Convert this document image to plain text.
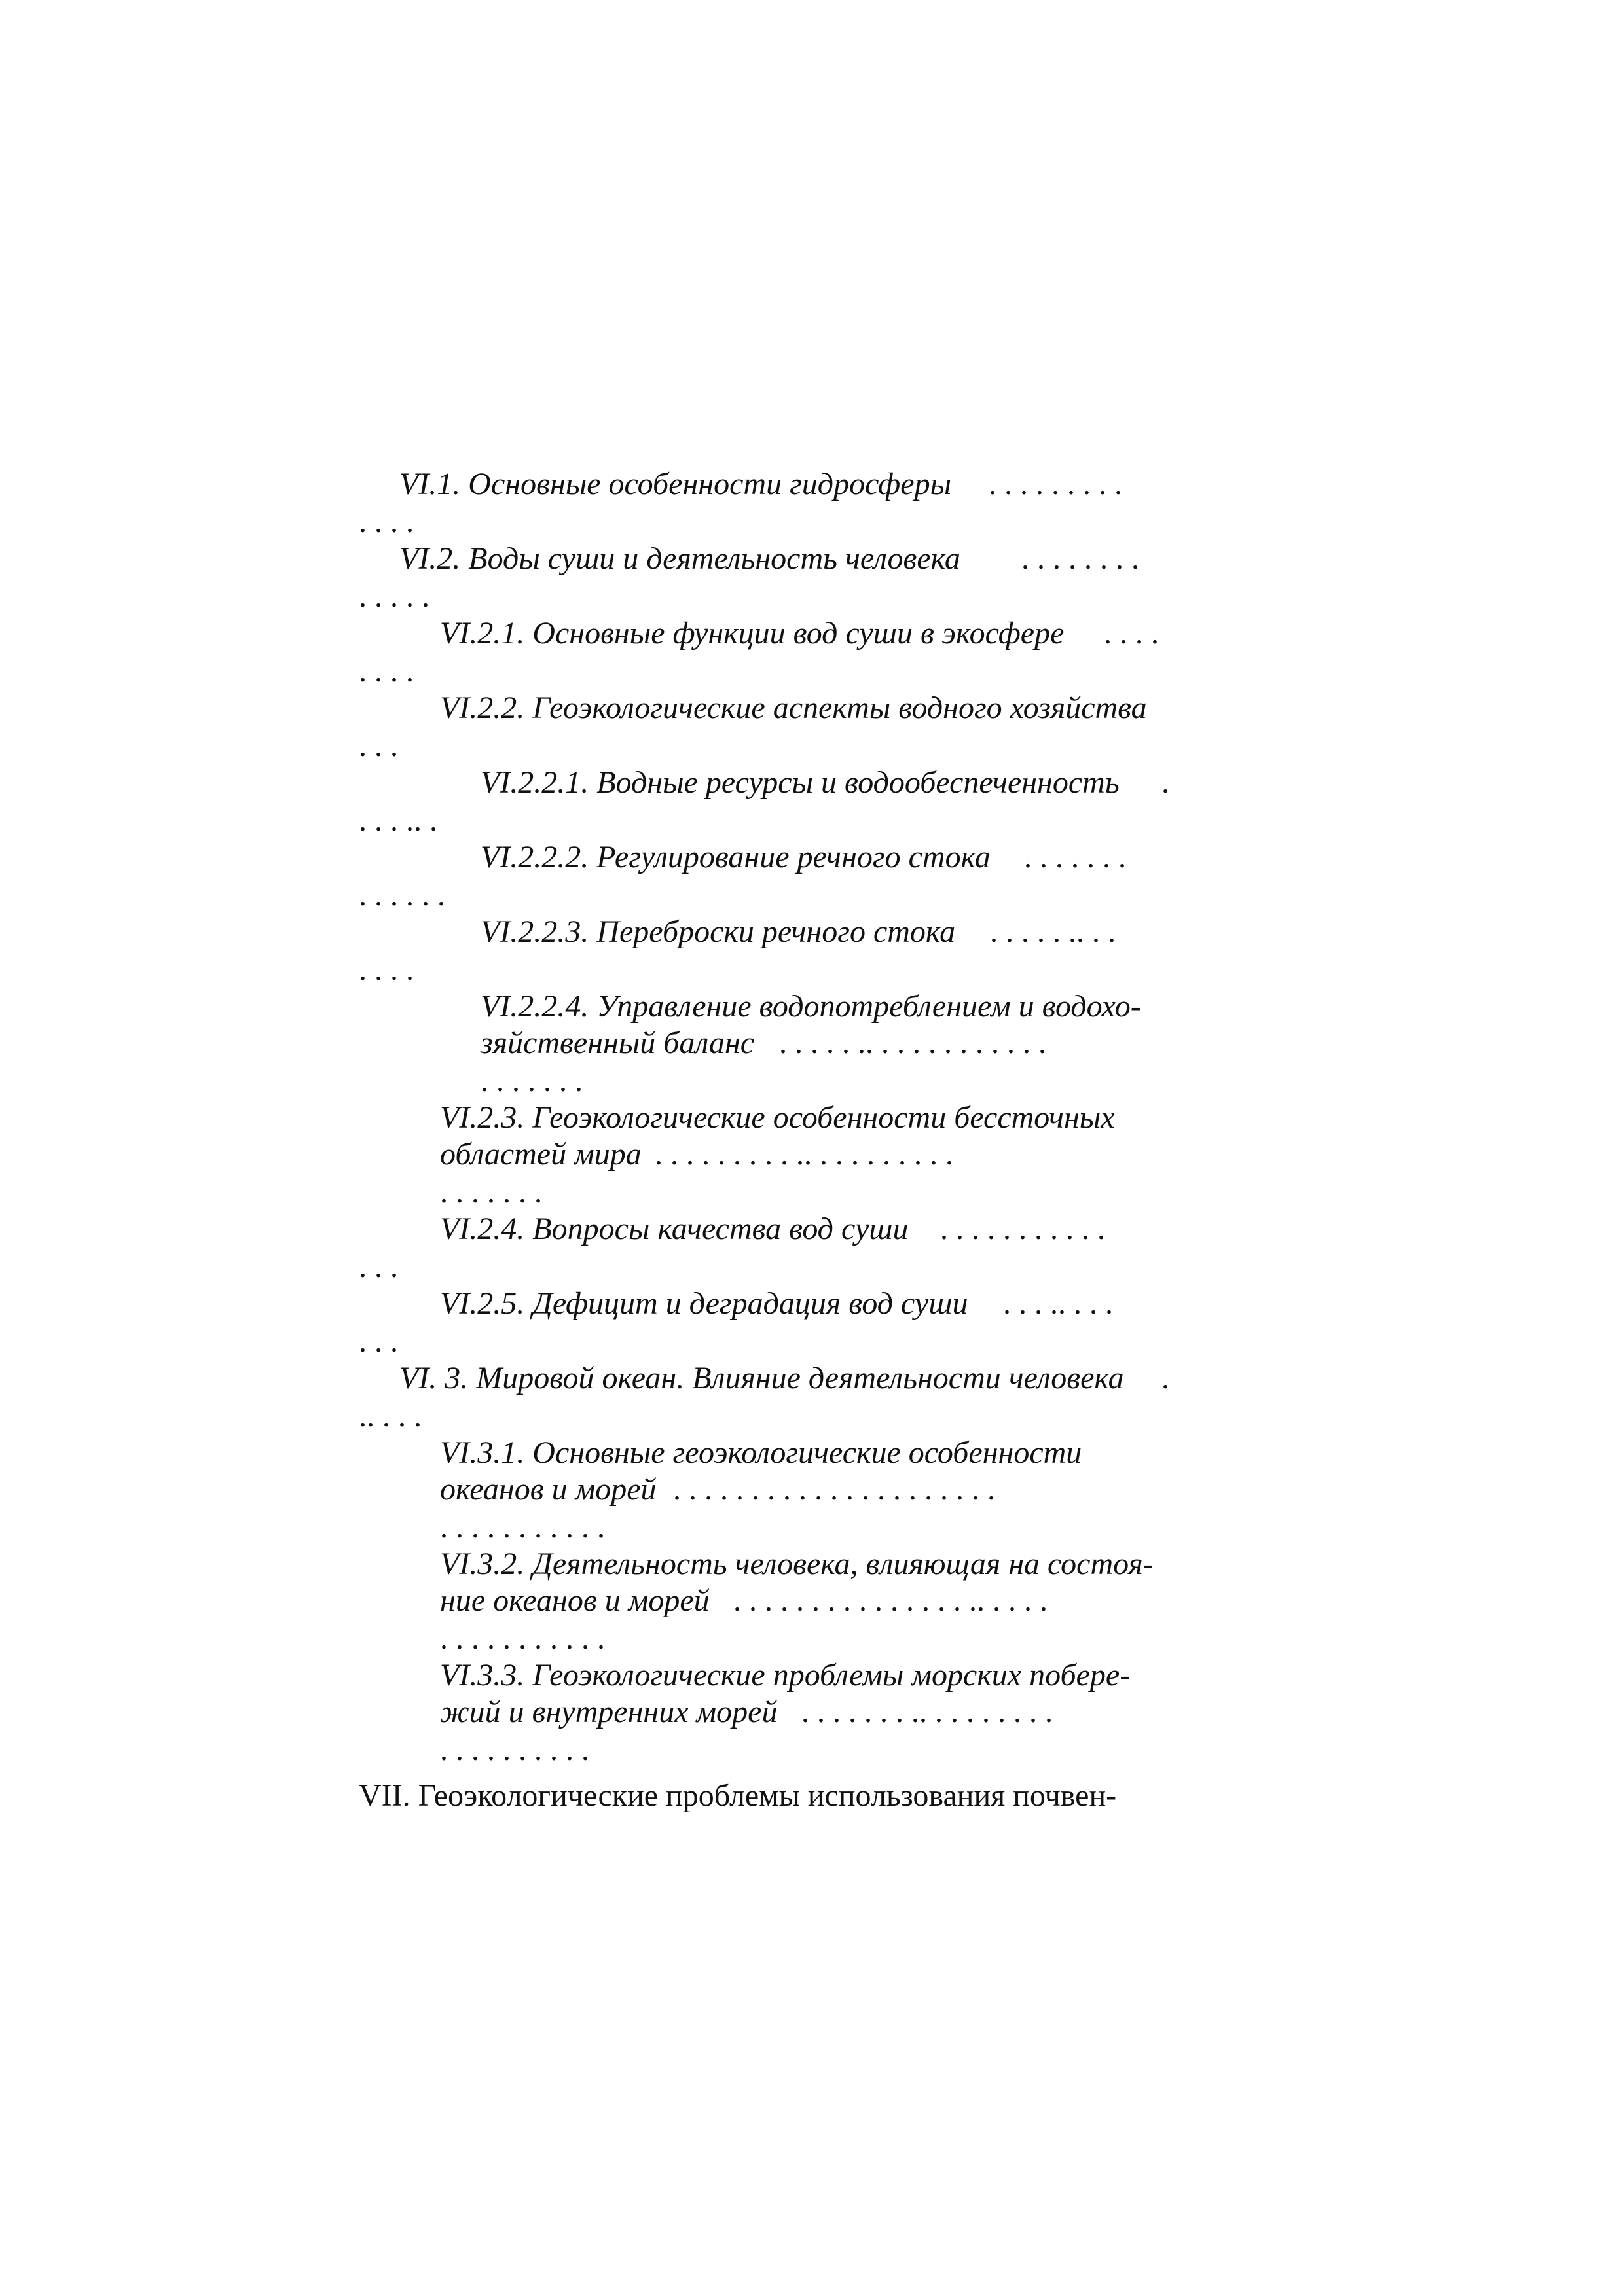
VI.1. Основные особенности гидросферы . . . . . . . . .
. . . .
VI.2. Воды суши и деятельность человека . . . . . . . .
. . . . .
VI.2.1. Основные функции вод суши в экосфере . . . .
. . . .
VI.2.2. Геоэкологические аспекты водного хозяйства
. . .
VI.2.2.1. Водные ресурсы и водообеспеченность .
. . . .. .
VI.2.2.2. Регулирование речного стока . . . . . . .
. . . . . .
VI.2.2.3. Переброски речного стока . . . . . .. . .
. . . .
VI.2.2.4. Управление водопотреблением и водохо-
зяйственный баланс . . . . . .. . . . . . . . . . . .
. . . . . . .
VI.2.3. Геоэкологические особенности бессточных
областей мира . . . . . . . . . .. . . . . . . . . .
. . . . . . .
VI.2.4. Вопросы качества вод суши . . . . . . . . . . .
. . .
VI.2.5. Дефицит и деградация вод суши . . . .. . . .
. . .
VI. 3. Мировой океан. Влияние деятельности человека .
.. . . .
VI.3.1. Основные геоэкологические особенности
океанов и морей . . . . . . . . . . . . . . . . . . . . .
. . . . . . . . . . .
VI.3.2. Деятельность человека, влияющая на состоя-
ние океанов и морей . . . . . . . . . . . . . . . .. . . . .
. . . . . . . . . . .
VI.3.3. Геоэкологические проблемы морских побере-
жий и внутренних морей . . . . . . . .. . . . . . . . .
. . . . . . . . . .
VII. Геоэкологические проблемы использования почвен-
